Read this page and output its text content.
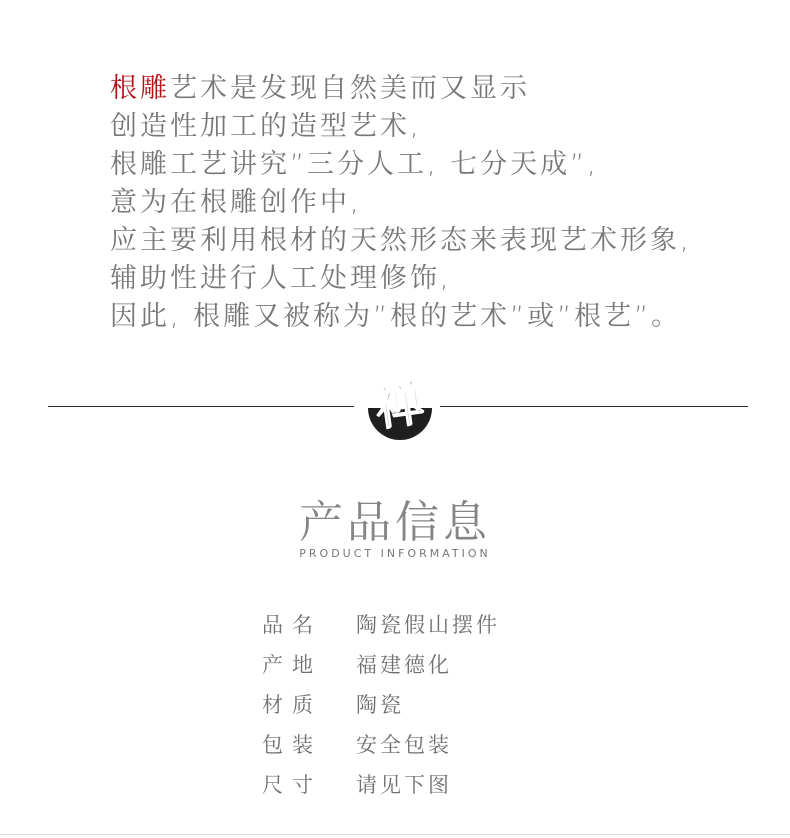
根雕艺术是发现自然美而又显示
创造性加工的造型艺术,
根雕工艺讲究”三分人工, 七分天成”,
意为在根雕创作中,
应主要利用根材的天然形态来表现艺术形象,
辅助性进行人工处理修饰,
因此, 根雕又被称为”根的艺术”或”根艺”。
禅
产品信息
PRODUCT INFORMATION
品名	陶瓷假山摆件
产地	福建德化
材质	陶瓷
包装	安全包装
尺寸	请见下图
